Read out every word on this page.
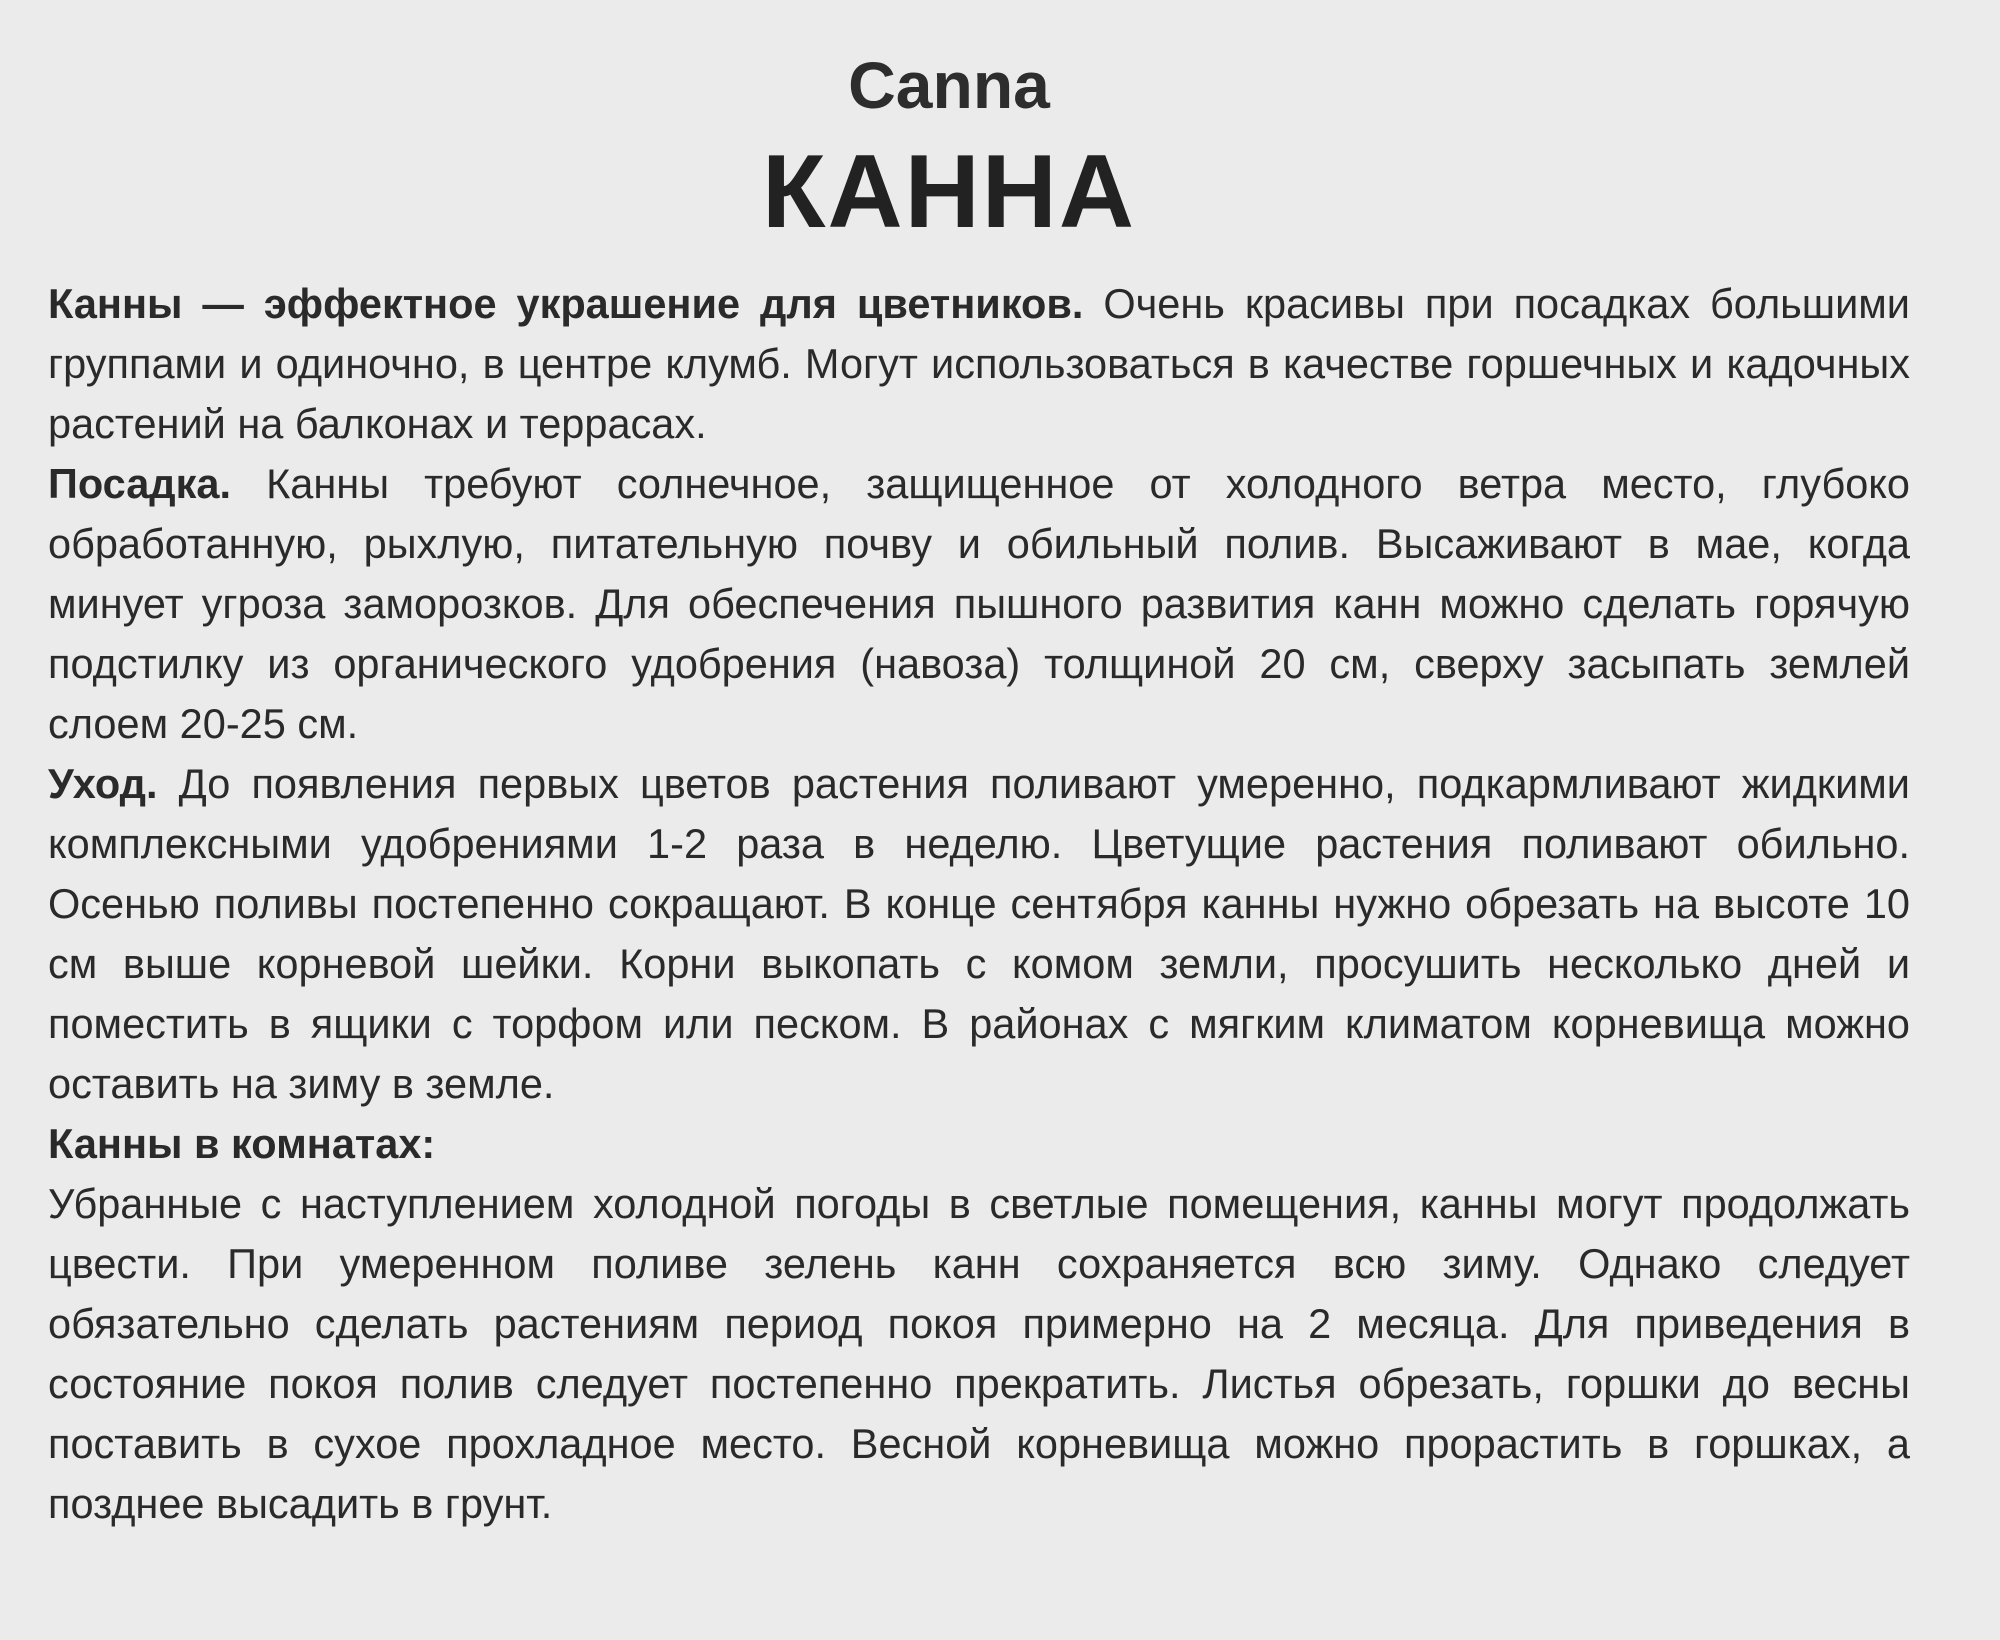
Canna
КАННА

Канны — эффектное украшение для цветников. Очень красивы при посадках большими группами и одиночно, в центре клумб. Могут использоваться в качестве горшечных и кадочных растений на балконах и террасах.

Посадка. Канны требуют солнечное, защищенное от холодного ветра место, глубоко обработанную, рыхлую, питательную почву и обильный полив. Высаживают в мае, когда минует угроза заморозков. Для обеспечения пышного развития канн можно сделать горячую подстилку из органического удобрения (навоза) толщиной 20 см, сверху засыпать землей слоем 20-25 см.

Уход. До появления первых цветов растения поливают умеренно, подкармливают жидкими комплексными удобрениями 1-2 раза в неделю. Цветущие растения поливают обильно. Осенью поливы постепенно сокращают. В конце сентября канны нужно обрезать на высоте 10 см выше корневой шейки. Корни выкопать с комом земли, просушить несколько дней и поместить в ящики с торфом или песком. В районах с мягким климатом корневища можно оставить на зиму в земле.

Канны в комнатах:

Убранные с наступлением холодной погоды в светлые помещения, канны могут продолжать цвести. При умеренном поливе зелень канн сохраняется всю зиму. Однако следует обязательно сделать растениям период покоя примерно на 2 месяца. Для приведения в состояние покоя полив следует постепенно прекратить. Листья обрезать, горшки до весны поставить в сухое прохладное место. Весной корневища можно прорастить в горшках, а позднее высадить в грунт.
